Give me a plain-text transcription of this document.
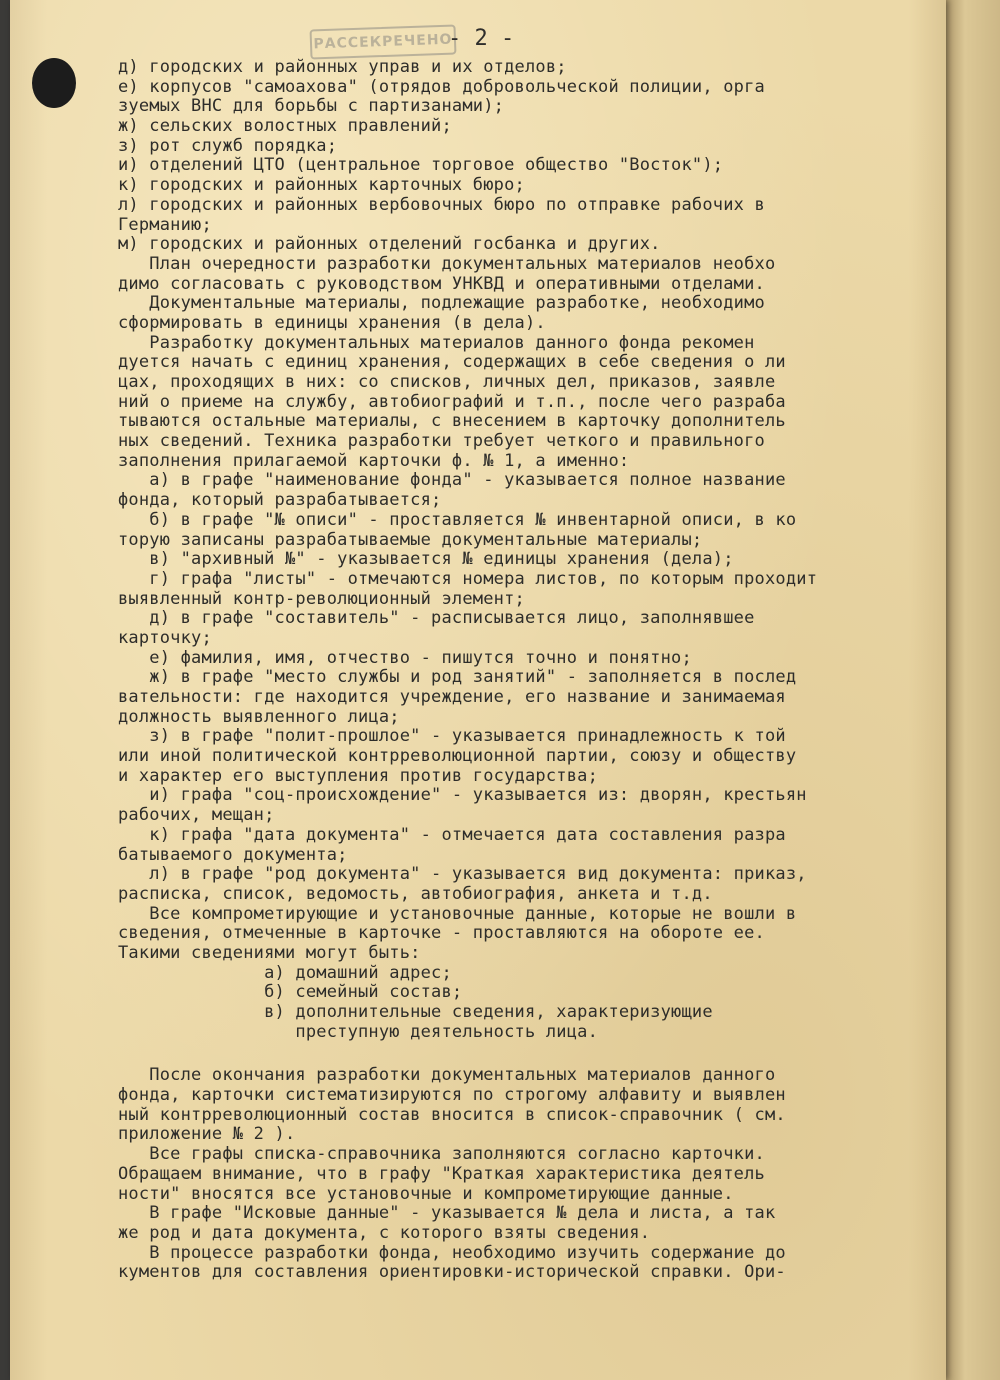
РАССЕКРЕЧЕНО
- 2 -
д) городских и районных управ и их отделов;
е) корпусов "самоахова" (отрядов добровольческой полиции, орга
зуемых ВНС для борьбы с партизанами);
ж) сельских волостных правлений;
з) рот служб порядка;
и) отделений ЦТО (центральное торговое общество "Восток");
к) городских и районных карточных бюро;
л) городских и районных вербовочных бюро по отправке рабочих в
Германию;
м) городских и районных отделений госбанка и других.
План очередности разработки документальных материалов необхо
димо согласовать с руководством УНКВД и оперативными отделами.
Документальные материалы, подлежащие разработке, необходимо
сформировать в единицы хранения (в дела).
Разработку документальных материалов данного фонда рекомен
дуется начать с единиц хранения, содержащих в себе сведения о ли
цах, проходящих в них: со списков, личных дел, приказов, заявле
ний о приеме на службу, автобиографий и т.п., после чего разраба
тываются остальные материалы, с внесением в карточку дополнитель
ных сведений. Техника разработки требует четкого и правильного
заполнения прилагаемой карточки ф. № 1, а именно:
а) в графе "наименование фонда" - указывается полное название
фонда, который разрабатывается;
б) в графе "№ описи" - проставляется № инвентарной описи, в ко
торую записаны разрабатываемые документальные материалы;
в) "архивный №" - указывается № единицы хранения (дела);
г) графа "листы" - отмечаются номера листов, по которым проходит
выявленный контр-революционный элемент;
д) в графе "составитель" - расписывается лицо, заполнявшее
карточку;
е) фамилия, имя, отчество - пишутся точно и понятно;
ж) в графе "место службы и род занятий" - заполняется в послед
вательности: где находится учреждение, его название и занимаемая
должность выявленного лица;
з) в графе "полит-прошлое" - указывается принадлежность к той
или иной политической контрреволюционной партии, союзу и обществу
и характер его выступления против государства;
и) графа "соц-происхождение" - указывается из: дворян, крестьян
рабочих, мещан;
к) графа "дата документа" - отмечается дата составления разра
батываемого документа;
л) в графе "род документа" - указывается вид документа: приказ,
расписка, список, ведомость, автобиография, анкета и т.д.
Все компрометирующие и установочные данные, которые не вошли в
сведения, отмеченные в карточке - проставляются на обороте ее.
Такими сведениями могут быть:
а) домашний адрес;
б) семейный состав;
в) дополнительные сведения, характеризующие
преступную деятельность лица.
После окончания разработки документальных материалов данного
фонда, карточки систематизируются по строгому алфавиту и выявлен
ный контрреволюционный состав вносится в список-справочник ( см.
приложение № 2 ).
Все графы списка-справочника заполняются согласно карточки.
Обращаем внимание, что в графу "Краткая характеристика деятель
ности" вносятся все установочные и компрометирующие данные.
В графе "Исковые данные" - указывается № дела и листа, а так
же род и дата документа, с которого взяты сведения.
В процессе разработки фонда, необходимо изучить содержание до
кументов для составления ориентировки-исторической справки. Ори-
